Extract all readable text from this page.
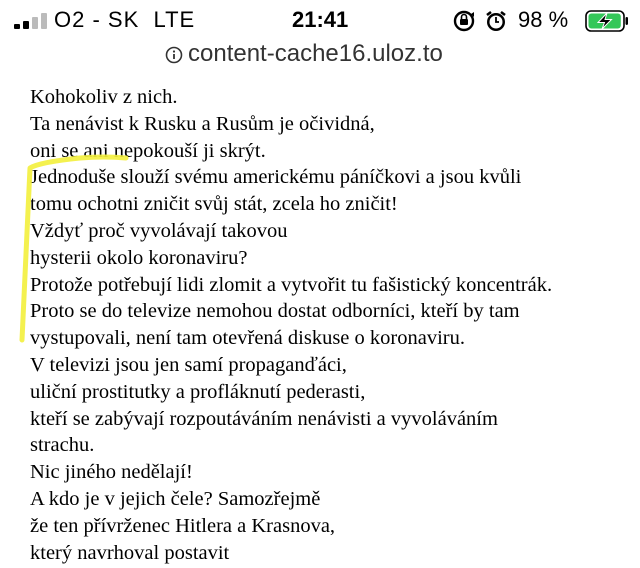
O2 - SK  LTE	21:41	98 %
content-cache16.uloz.to
Kohokoliv z nich.
Ta nenávist k Rusku a Rusům je očividná,
oni se ani nepokouší ji skrýt.
Jednoduše slouží svému americkému páníčkovi a jsou kvůli
tomu ochotni zničit svůj stát, zcela ho zničit!
Vždyť proč vyvolávají takovou
hysterii okolo koronaviru?
Protože potřebují lidi zlomit a vytvořit tu fašistický koncentrák.
Proto se do televize nemohou dostat odborníci, kteří by tam
vystupovali, není tam otevřená diskuse o koronaviru.
V televizi jsou jen samí propaganďáci,
uliční prostitutky a profláknutí pederasti,
kteří se zabývají rozpoutáváním nenávisti a vyvoláváním
strachu.
Nic jiného nedělají!
A kdo je v jejich čele? Samozřejmě
že ten přívrženec Hitlera a Krasnova,
který navrhoval postavit
